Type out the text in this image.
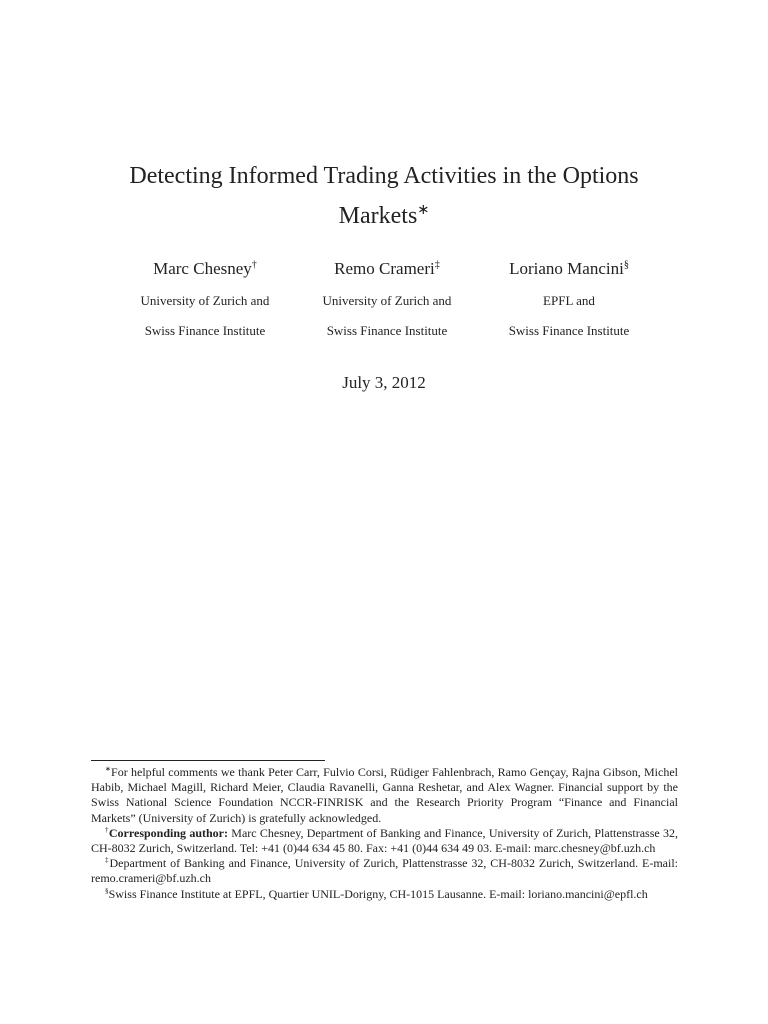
Detecting Informed Trading Activities in the Options
Markets∗
Marc Chesney†
University of Zurich and
Swiss Finance Institute
Remo Crameri‡
University of Zurich and
Swiss Finance Institute
Loriano Mancini§
EPFL and
Swiss Finance Institute
July 3, 2012

∗For helpful comments we thank Peter Carr, Fulvio Corsi, Rüdiger Fahlenbrach, Ramo Gençay, Rajna Gibson, Michel Habib, Michael Magill, Richard Meier, Claudia Ravanelli, Ganna Reshetar, and Alex Wagner. Financial support by the Swiss National Science Foundation NCCR-FINRISK and the Research Priority Program “Finance and Financial Markets” (University of Zurich) is gratefully acknowledged.

†Corresponding author: Marc Chesney, Department of Banking and Finance, University of Zurich, Plattenstrasse 32, CH-8032 Zurich, Switzerland. Tel: +41 (0)44 634 45 80. Fax: +41 (0)44 634 49 03. E-mail: marc.chesney@bf.uzh.ch

‡Department of Banking and Finance, University of Zurich, Plattenstrasse 32, CH-8032 Zurich, Switzerland. E-mail: remo.crameri@bf.uzh.ch

§Swiss Finance Institute at EPFL, Quartier UNIL-Dorigny, CH-1015 Lausanne. E-mail: loriano.mancini@epfl.ch
